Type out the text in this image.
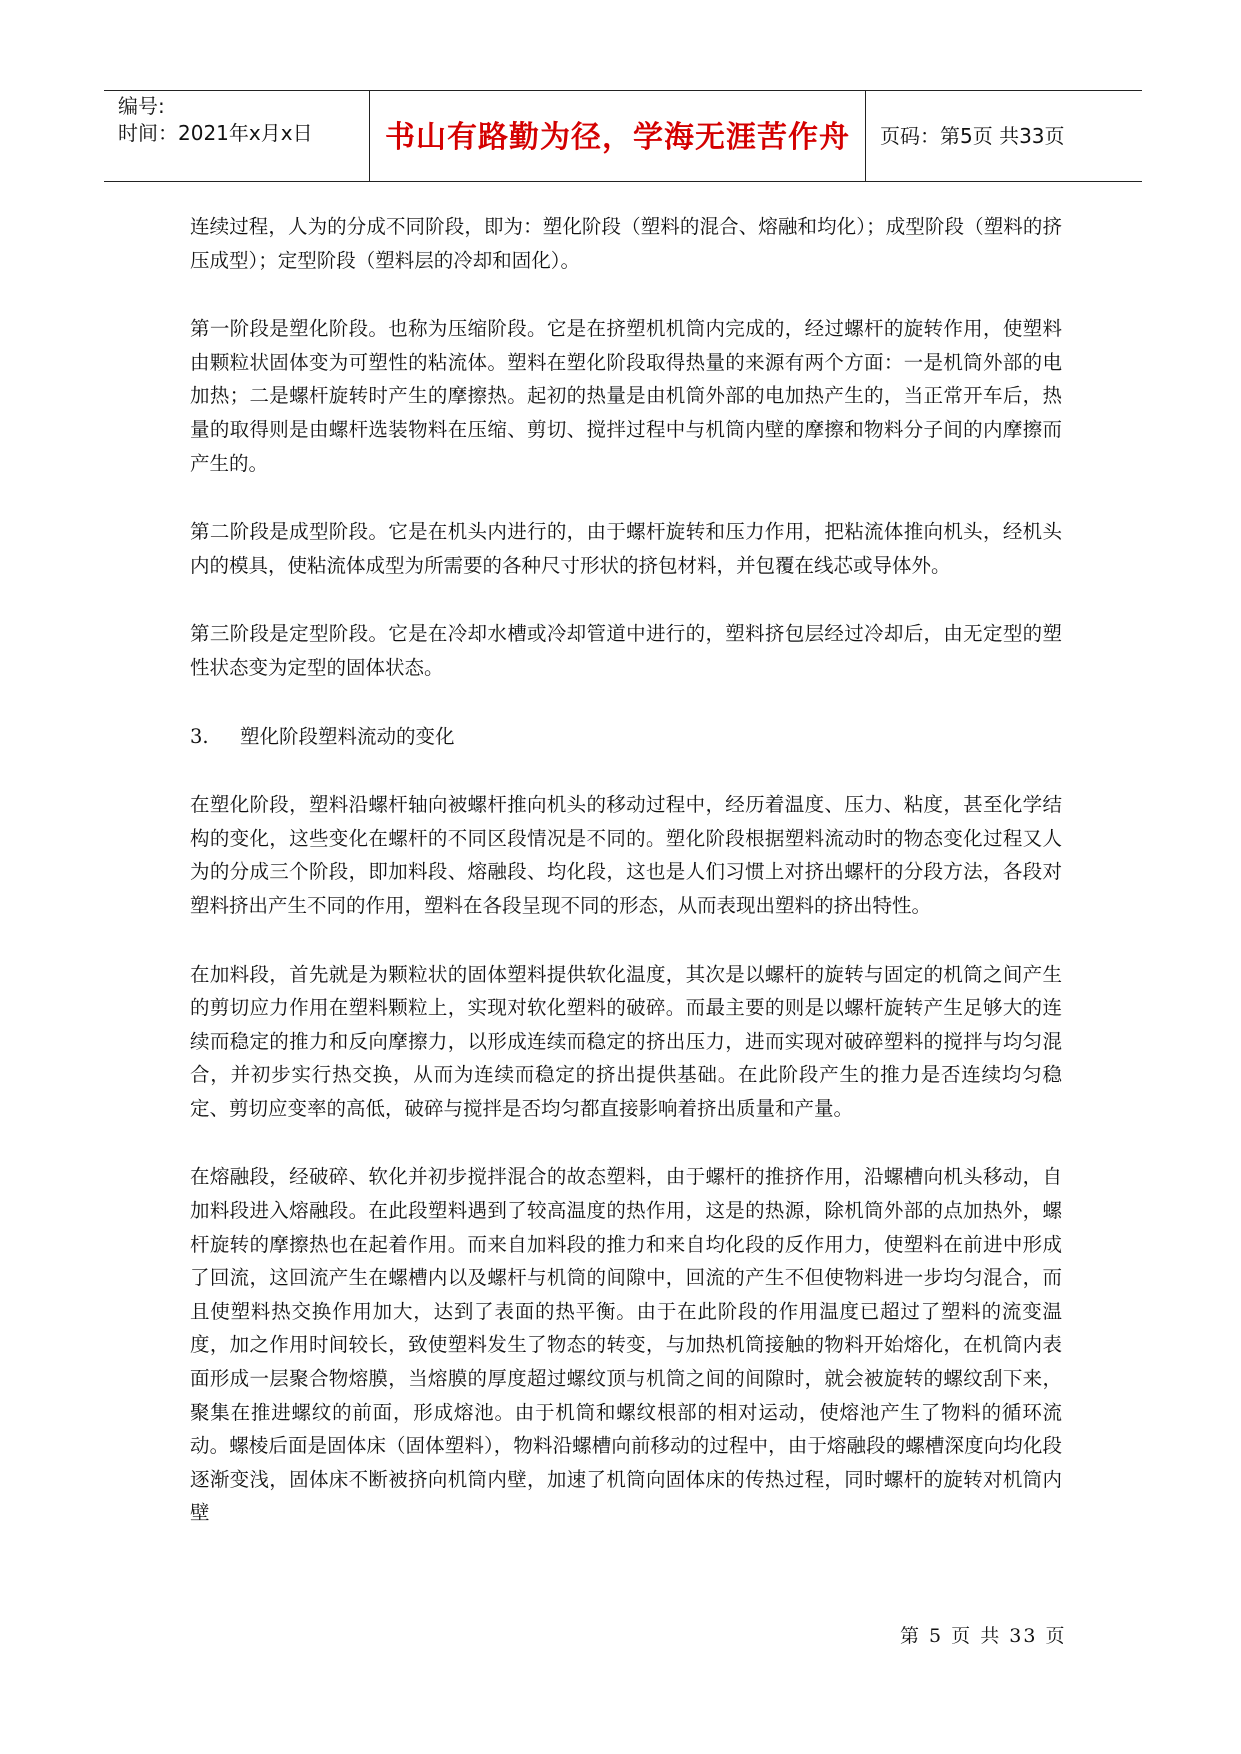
编号:
时间：2021年x月x日	书山有路勤为径，学海无涯苦作舟	页码：第5页 共33页

连续过程，人为的分成不同阶段，即为：塑化阶段（塑料的混合、熔融和均化）；成型阶段（塑料的挤压成型）；定型阶段（塑料层的冷却和固化）。

第一阶段是塑化阶段。也称为压缩阶段。它是在挤塑机机筒内完成的，经过螺杆的旋转作用，使塑料由颗粒状固体变为可塑性的粘流体。塑料在塑化阶段取得热量的来源有两个方面：一是机筒外部的电加热；二是螺杆旋转时产生的摩擦热。起初的热量是由机筒外部的电加热产生的，当正常开车后，热量的取得则是由螺杆选装物料在压缩、剪切、搅拌过程中与机筒内壁的摩擦和物料分子间的内摩擦而产生的。

第二阶段是成型阶段。它是在机头内进行的，由于螺杆旋转和压力作用，把粘流体推向机头，经机头内的模具，使粘流体成型为所需要的各种尺寸形状的挤包材料，并包覆在线芯或导体外。

第三阶段是定型阶段。它是在冷却水槽或冷却管道中进行的，塑料挤包层经过冷却后，由无定型的塑性状态变为定型的固体状态。

3.	塑化阶段塑料流动的变化

在塑化阶段，塑料沿螺杆轴向被螺杆推向机头的移动过程中，经历着温度、压力、粘度，甚至化学结构的变化，这些变化在螺杆的不同区段情况是不同的。塑化阶段根据塑料流动时的物态变化过程又人为的分成三个阶段，即加料段、熔融段、均化段，这也是人们习惯上对挤出螺杆的分段方法，各段对塑料挤出产生不同的作用，塑料在各段呈现不同的形态，从而表现出塑料的挤出特性。

在加料段，首先就是为颗粒状的固体塑料提供软化温度，其次是以螺杆的旋转与固定的机筒之间产生的剪切应力作用在塑料颗粒上，实现对软化塑料的破碎。而最主要的则是以螺杆旋转产生足够大的连续而稳定的推力和反向摩擦力，以形成连续而稳定的挤出压力，进而实现对破碎塑料的搅拌与均匀混合，并初步实行热交换，从而为连续而稳定的挤出提供基础。在此阶段产生的推力是否连续均匀稳定、剪切应变率的高低，破碎与搅拌是否均匀都直接影响着挤出质量和产量。

在熔融段，经破碎、软化并初步搅拌混合的故态塑料，由于螺杆的推挤作用，沿螺槽向机头移动，自加料段进入熔融段。在此段塑料遇到了较高温度的热作用，这是的热源，除机筒外部的点加热外，螺杆旋转的摩擦热也在起着作用。而来自加料段的推力和来自均化段的反作用力，使塑料在前进中形成了回流，这回流产生在螺槽内以及螺杆与机筒的间隙中，回流的产生不但使物料进一步均匀混合，而且使塑料热交换作用加大，达到了表面的热平衡。由于在此阶段的作用温度已超过了塑料的流变温度，加之作用时间较长，致使塑料发生了物态的转变，与加热机筒接触的物料开始熔化，在机筒内表面形成一层聚合物熔膜，当熔膜的厚度超过螺纹顶与机筒之间的间隙时，就会被旋转的螺纹刮下来，聚集在推进螺纹的前面，形成熔池。由于机筒和螺纹根部的相对运动，使熔池产生了物料的循环流动。螺棱后面是固体床（固体塑料），物料沿螺槽向前移动的过程中，由于熔融段的螺槽深度向均化段逐渐变浅，固体床不断被挤向机筒内壁，加速了机筒向固体床的传热过程，同时螺杆的旋转对机筒内壁

第 5 页 共 33 页
